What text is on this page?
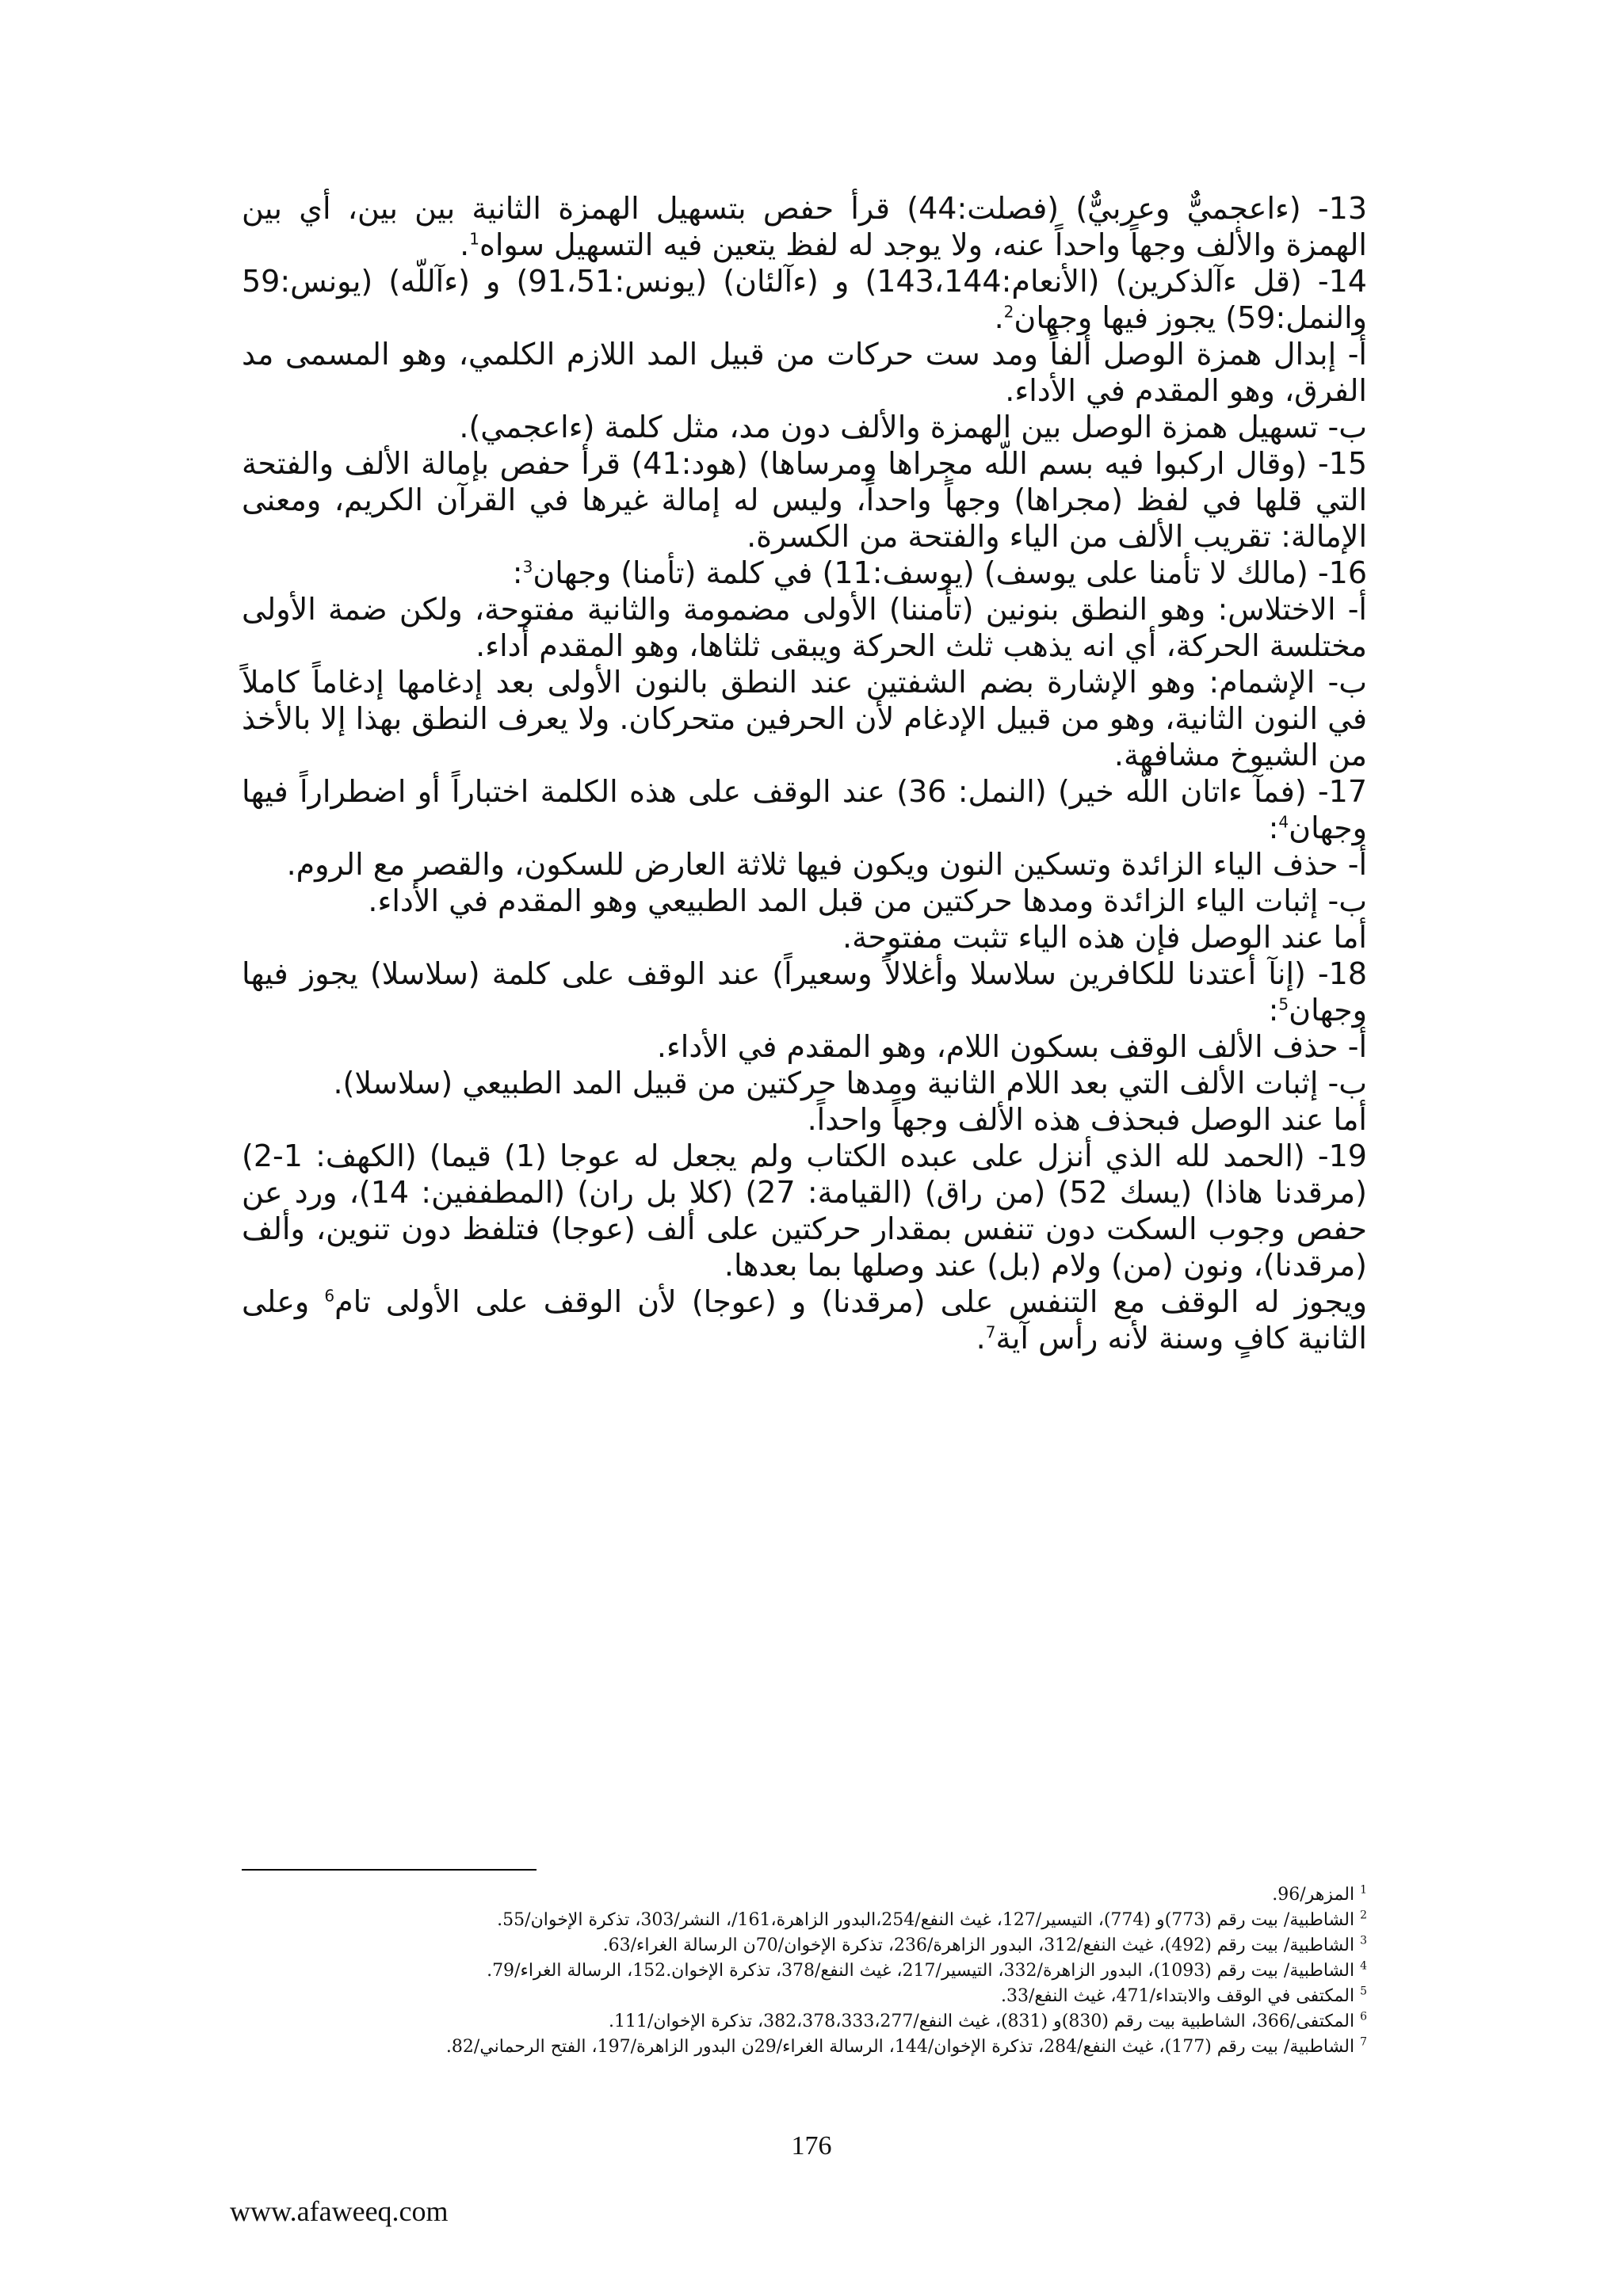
13- (ءاعجميٌّ وعربيٌّ) (فصلت:44) قرأ حفص بتسهيل الهمزة الثانية بين بين، أي بين الهمزة والألف وجهاً واحداً عنه، ولا يوجد له لفظ يتعين فيه التسهيل سواه$^1$.

14- (قل ءآلذكرين) (الأنعام:143،144) و (ءآلئان) (يونس:91،51) و (ءآللّه) (يونس:59 والنمل:59) يجوز فيها وجهان$^2$.

أ- إبدال همزة الوصل ألفاً ومد ست حركات من قبيل المد اللازم الكلمي، وهو المسمى مد الفرق، وهو المقدم في الأداء.

ب- تسهيل همزة الوصل بين الهمزة والألف دون مد، مثل كلمة (ءاعجمي).

15- (وقال اركبوا فيه بسم اللّه مجراها ومرساها) (هود:41) قرأ حفص بإمالة الألف والفتحة التي قلها في لفظ (مجراها) وجهاً واحداً، وليس له إمالة غيرها في القرآن الكريم، ومعنى الإمالة: تقريب الألف من الياء والفتحة من الكسرة.

16- (مالك لا تأمنا على يوسف) (يوسف:11) في كلمة (تأمنا) وجهان$^3$:

أ- الاختلاس: وهو النطق بنونين (تأمننا) الأولى مضمومة والثانية مفتوحة، ولكن ضمة الأولى مختلسة الحركة، أي انه يذهب ثلث الحركة ويبقى ثلثاها، وهو المقدم أداء.

ب- الإشمام: وهو الإشارة بضم الشفتين عند النطق بالنون الأولى بعد إدغامها إدغاماً كاملاً في النون الثانية، وهو من قبيل الإدغام لأن الحرفين متحركان. ولا يعرف النطق بهذا إلا بالأخذ من الشيوخ مشافهة.

17- (فمآ ءاتان اللّه خير) (النمل: 36) عند الوقف على هذه الكلمة اختباراً أو اضطراراً فيها وجهان$^4$:

أ- حذف الياء الزائدة وتسكين النون ويكون فيها ثلاثة العارض للسكون، والقصر مع الروم.

ب- إثبات الياء الزائدة ومدها حركتين من قبل المد الطبيعي وهو المقدم في الأداء.

أما عند الوصل فإن هذه الياء تثبت مفتوحة.

18- (إنآ أعتدنا للكافرين سلاسلا وأغلالاً وسعيراً) عند الوقف على كلمة (سلاسلا) يجوز فيها وجهان$^5$:

أ- حذف الألف الوقف بسكون اللام، وهو المقدم في الأداء.

ب- إثبات الألف التي بعد اللام الثانية ومدها حركتين من قبيل المد الطبيعي (سلاسلا).

أما عند الوصل فبحذف هذه الألف وجهاً واحداً.

19- (الحمد لله الذي أنزل على عبده الكتاب ولم يجعل له عوجا (1) قيما) (الكهف: 1-2) (مرقدنا هاذا) (يسك 52) (من راق) (القيامة: 27) (كلا بل ران) (المطففين: 14)، ورد عن حفص وجوب السكت دون تنفس بمقدار حركتين على ألف (عوجا) فتلفظ دون تنوين، وألف (مرقدنا)، ونون (من) ولام (بل) عند وصلها بما بعدها.

ويجوز له الوقف مع التنفس على (مرقدنا) و (عوجا) لأن الوقف على الأولى تام$^6$ وعلى الثانية كافٍ وسنة لأنه رأس آية$^7$.

$^1$ المزهر/96.

$^2$ الشاطبية/ بيت رقم (773)و (774)، التيسير/127، غيث النفع/254،البدور الزاهرة،161/، النشر/303، تذكرة الإخوان/55.

$^3$ الشاطبية/ بيت رقم (492)، غيث النفع/312، البدور الزاهرة/236، تذكرة الإخوان/70ن الرسالة الغراء/63.

$^4$ الشاطبية/ بيت رقم (1093)، البدور الزاهرة/332، التيسير/217، غيث النفع/378، تذكرة الإخوان.152، الرسالة الغراء/79.

$^5$ المكتفى في الوقف والابتداء/471، غيث النفع/33.

$^6$ المكتفى/366، الشاطبية بيت رقم (830)و (831)، غيث النفع/382،378،333،277، تذكرة الإخوان/111.

$^7$ الشاطبية/ بيت رقم (177)، غيث النفع/284، تذكرة الإخوان/144، الرسالة الغراء/29ن البدور الزاهرة/197، الفتح الرحماني/82.

176
www.afaweeq.com
